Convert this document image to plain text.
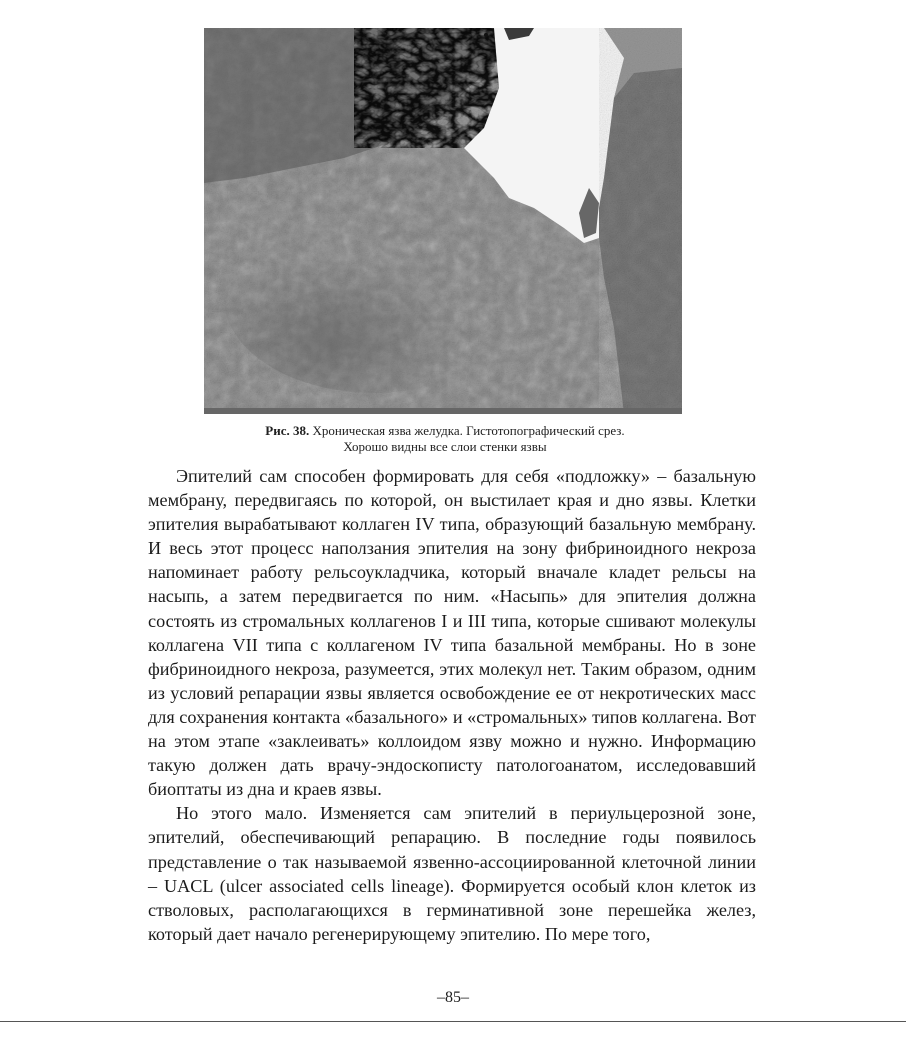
Рис. 38. Хроническая язва желудка. Гистотопографический срез.
Хорошо видны все слои стенки язвы

Эпителий сам способен формировать для себя «подложку» – базальную мембрану, передвигаясь по которой, он выстилает края и дно язвы. Клетки эпителия вырабатывают коллаген IV типа, образующий базальную мембрану. И весь этот процесс наползания эпителия на зону фибриноидного некроза напоминает работу рельсоукладчика, который вначале кладет рельсы на насыпь, а затем передвигается по ним. «Насыпь» для эпителия должна состоять из стромальных коллагенов I и III типа, которые сшивают молекулы коллагена VII типа с коллагеном IV типа базальной мембраны. Но в зоне фибриноидного некроза, разумеется, этих молекул нет. Таким образом, одним из условий репарации язвы является освобождение ее от некротических масс для сохранения контакта «базального» и «стромальных» типов коллагена. Вот на этом этапе «заклеивать» коллоидом язву можно и нужно. Информацию такую должен дать врачу-эндоскописту патологоанатом, исследовавший биоптаты из дна и краев язвы.

Но этого мало. Изменяется сам эпителий в периульцерозной зоне, эпителий, обеспечивающий репарацию. В последние годы появилось представление о так называемой язвенно-ассоциированной клеточной линии – UACL (ulcer associated cells lineage). Формируется особый клон клеток из стволовых, располагающихся в герминативной зоне перешейка желез, который дает начало регенерирующему эпителию. По мере того,

–85–
